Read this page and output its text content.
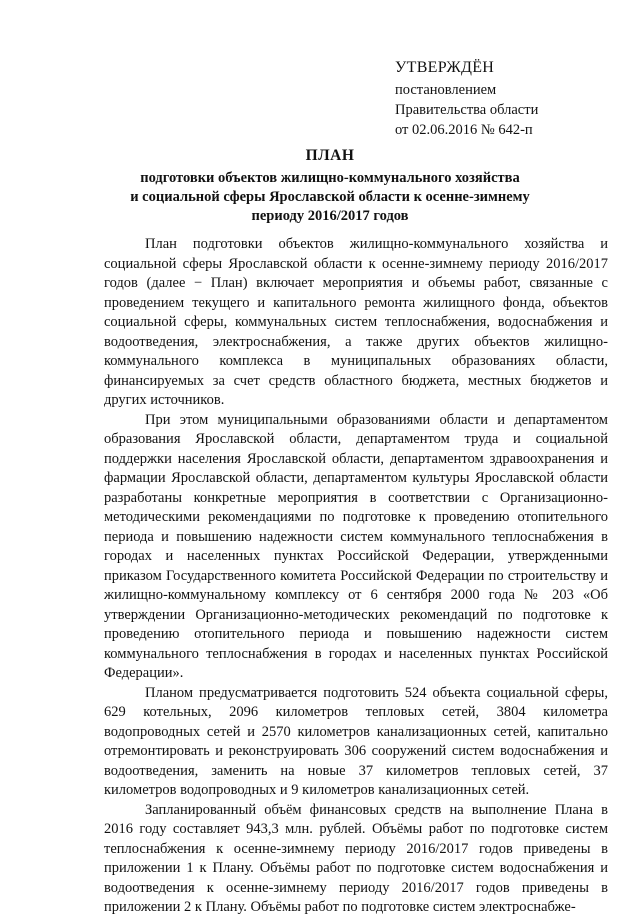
УТВЕРЖДЁН
постановлением
Правительства области
от 02.06.2016 № 642-п
ПЛАН
подготовки объектов жилищно-коммунального хозяйства
и социальной сферы Ярославской области к осенне-зимнему
периоду 2016/2017 годов

План подготовки объектов жилищно-коммунального хозяйства и социальной сферы Ярославской области к осенне-зимнему периоду 2016/2017 годов (далее − План) включает мероприятия и объемы работ, связанные с проведением текущего и капитального ремонта жилищного фонда, объектов социальной сферы, коммунальных систем теплоснабжения, водоснабжения и водоотведения, электроснабжения, а также других объектов жилищно-коммунального комплекса в муниципальных образованиях области, финансируемых за счет средств областного бюджета, местных бюджетов и других источников.

При этом муниципальными образованиями области и департаментом образования Ярославской области, департаментом труда и социальной поддержки населения Ярославской области, департаментом здравоохранения и фармации Ярославской области, департаментом культуры Ярославской области разработаны конкретные мероприятия в соответствии с Организационно-методическими рекомендациями по подготовке к проведению отопительного периода и повышению надежности систем коммунального теплоснабжения в городах и населенных пунктах Российской Федерации, утвержденными приказом Государственного комитета Российской Федерации по строительству и жилищно-коммунальному комплексу от 6 сентября 2000 года № 203 «Об утверждении Организационно-методических рекомендаций по подготовке к проведению отопительного периода и повышению надежности систем коммунального теплоснабжения в городах и населенных пунктах Российской Федерации».

Планом предусматривается подготовить 524 объекта социальной сферы, 629 котельных, 2096 километров тепловых сетей, 3804 километра водопроводных сетей и 2570 километров канализационных сетей, капитально отремонтировать и реконструировать 306 сооружений систем водоснабжения и водоотведения, заменить на новые 37 километров тепловых сетей, 37 километров водопроводных и 9 километров канализационных сетей.

Запланированный объём финансовых средств на выполнение Плана в 2016 году составляет 943,3 млн. рублей. Объёмы работ по подготовке систем теплоснабжения к осенне-зимнему периоду 2016/2017 годов приведены в приложении 1 к Плану. Объёмы работ по подготовке систем водоснабжения и водоотведения к осенне-зимнему периоду 2016/2017 годов приведены в приложении 2 к Плану. Объёмы работ по подготовке систем электроснабже-
